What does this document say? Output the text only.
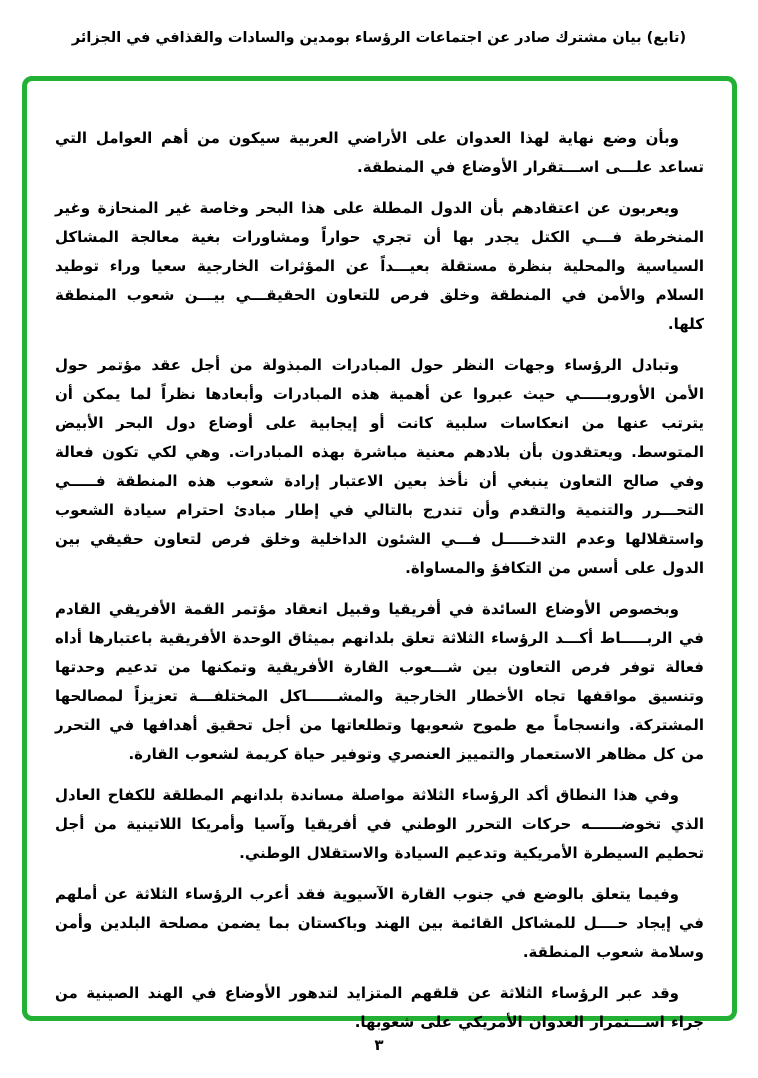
(تابع) بيان مشترك صادر عن اجتماعات الرؤساء بومدين والسادات والقذافي في الجزائر

وبأن وضع نهاية لهذا العدوان على الأراضي العربية سيكون من أهم العوامل التي تساعد علـــى اســـتقرار الأوضاع في المنطقة.

ويعربون عن اعتقادهم بأن الدول المطلة على هذا البحر وخاصة غير المنحازة وغير المنخرطة فـــي الكتل يجدر بها أن تجري حواراً ومشاورات بغية معالجة المشاكل السياسية والمحلية بنظرة مستقلة بعيـــداً عن المؤثرات الخارجية سعيا وراء توطيد السلام والأمن في المنطقة وخلق فرص للتعاون الحقيقـــي بيـــن شعوب المنطقة كلها.

وتبادل الرؤساء وجهات النظر حول المبادرات المبذولة من أجل عقد مؤتمر حول الأمن الأوروبـــــي حيث عبروا عن أهمية هذه المبادرات وأبعادها نظراً لما يمكن أن يترتب عنها من انعكاسات سلبية كانت أو إيجابية على أوضاع دول البحر الأبيض المتوسط. ويعتقدون بأن بلادهم معنية مباشرة بهذه المبادرات. وهي لكي تكون فعالة وفي صالح التعاون ينبغي أن نأخذ بعين الاعتبار إرادة شعوب هذه المنطقة فـــــي التحـــرر والتنمية والتقدم وأن تندرج بالتالي في إطار مبادئ احترام سيادة الشعوب واستقلالها وعدم التدخـــــل فـــي الشئون الداخلية وخلق فرص لتعاون حقيقي بين الدول على أسس من التكافؤ والمساواة.

وبخصوص الأوضاع السائدة في أفريقيا وقبيل انعقاد مؤتمر القمة الأفريقي القادم في الربـــــاط أكـــد الرؤساء الثلاثة تعلق بلدانهم بميثاق الوحدة الأفريقية باعتبارها أداه فعالة توفر فرص التعاون بين شـــعوب القارة الأفريقية وتمكنها من تدعيم وحدتها وتنسيق مواقفها تجاه الأخطار الخارجية والمشــــــاكل المختلفـــة تعزيزاً لمصالحها المشتركة. وانسجاماً مع طموح شعوبها وتطلعاتها من أجل تحقيق أهدافها في التحرر من كل مظاهر الاستعمار والتمييز العنصري وتوفير حياة كريمة لشعوب القارة.

وفي هذا النطاق أكد الرؤساء الثلاثة مواصلة مساندة بلدانهم المطلقة للكفاح العادل الذي تخوضــــــه حركات التحرر الوطني في أفريقيا وآسيا وأمريكا اللاتينية من أجل تحطيم السيطرة الأمريكية وتدعيم السيادة والاستقلال الوطني.

وفيما يتعلق بالوضع في جنوب القارة الآسيوية فقد أعرب الرؤساء الثلاثة عن أملهم في إيجاد حــــل للمشاكل القائمة بين الهند وباكستان بما يضمن مصلحة البلدين وأمن وسلامة شعوب المنطقة.

وقد عبر الرؤساء الثلاثة عن قلقهم المتزايد لتدهور الأوضاع في الهند الصينية من جراء اســـتمرار العدوان الأمريكي على شعوبها.

٣
